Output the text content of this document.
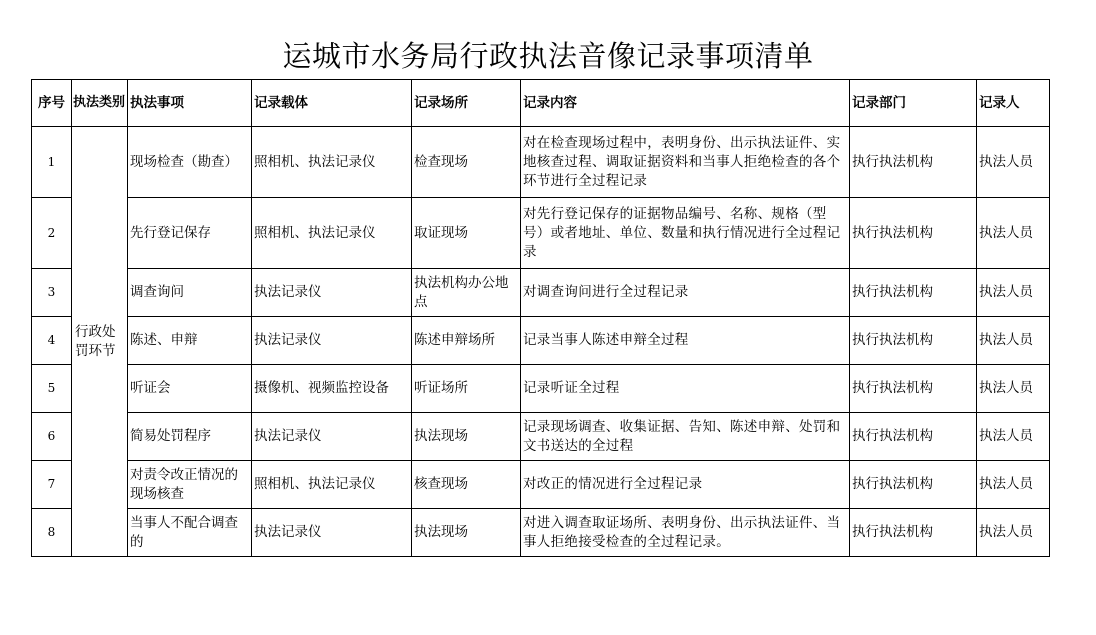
运城市水务局行政执法音像记录事项清单
序号	执法类别	执法事项	记录载体	记录场所	记录内容	记录部门	记录人
1	行政处罚环节	现场检查（勘查）	照相机、执法记录仪	检查现场	对在检查现场过程中，表明身份、出示执法证件、实地核查过程、调取证据资料和当事人拒绝检查的各个环节进行全过程记录	执行执法机构	执法人员
2		先行登记保存	照相机、执法记录仪	取证现场	对先行登记保存的证据物品编号、名称、规格（型号）或者地址、单位、数量和执行情况进行全过程记录	执行执法机构	执法人员
3		调查询问	执法记录仪	执法机构办公地点	对调查询问进行全过程记录	执行执法机构	执法人员
4		陈述、申辩	执法记录仪	陈述申辩场所	记录当事人陈述申辩全过程	执行执法机构	执法人员
5		听证会	摄像机、视频监控设备	听证场所	记录听证全过程	执行执法机构	执法人员
6		简易处罚程序	执法记录仪	执法现场	记录现场调查、收集证据、告知、陈述申辩、处罚和文书送达的全过程	执行执法机构	执法人员
7		对责令改正情况的现场核查	照相机、执法记录仪	核查现场	对改正的情况进行全过程记录	执行执法机构	执法人员
8		当事人不配合调查的	执法记录仪	执法现场	对进入调查取证场所、表明身份、出示执法证件、当事人拒绝接受检查的全过程记录。	执行执法机构	执法人员
